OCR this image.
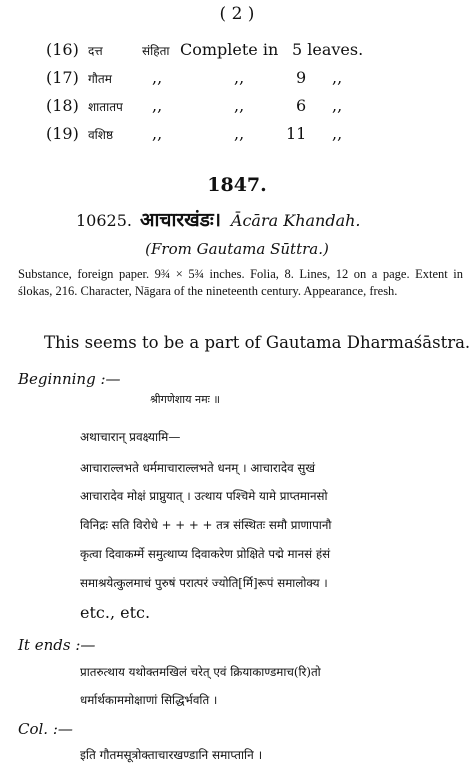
( 2 )
(16) दत्त	संहिता Complete in 5 leaves.
(17) गौतम	,,	,,	9 ,,
(18) शातातप ,,	,,	6 ,,
(19) वशिष्ठ ,,	,,	11 ,,
1847.
10625. आचारखंडः। Ācāra Khandah.
(From Gautama Sūttra.)
Substance, foreign paper. 9¾ × 5¾ inches. Folia, 8. Lines, 12 on a page. Extent in ślokas, 216. Character, Nāgara of the nineteenth century. Appearance, fresh.
This seems to be a part of Gautama Dharmaśāstra.
Beginning :—
श्रीगणेशाय नमः ॥
अथाचारान् प्रवक्ष्यामि—
आचाराल्लभते धर्ममाचाराल्लभते धनम् । आचारादेव सुखं
आचारादेव मोक्षं प्राप्नुयात् । उत्थाय पश्चिमे यामे प्राप्तमानसो
विनिद्रः सति विरोधे + + + + तत्र संस्थितः समौ प्राणापानौ
कृत्वा दिवाकर्म्मे समुत्थाप्य दिवाकरेण प्रोक्षिते पद्मे मानसं हंसं
समाश्रयेत्कुलमाचं पुरुषं परात्परं ज्योति[र्मि]रूपं समालोक्य ।
etc., etc.
It ends :—
प्रातरुत्थाय यथोक्तमखिलं चरेत् एवं क्रियाकाण्डमाच(रि)तो
धर्मार्थकाममोक्षाणां सिद्धिर्भवति ।
Col. :—
इति गौतमसूत्रोक्ताचारखण्डानि समाप्तानि ।
